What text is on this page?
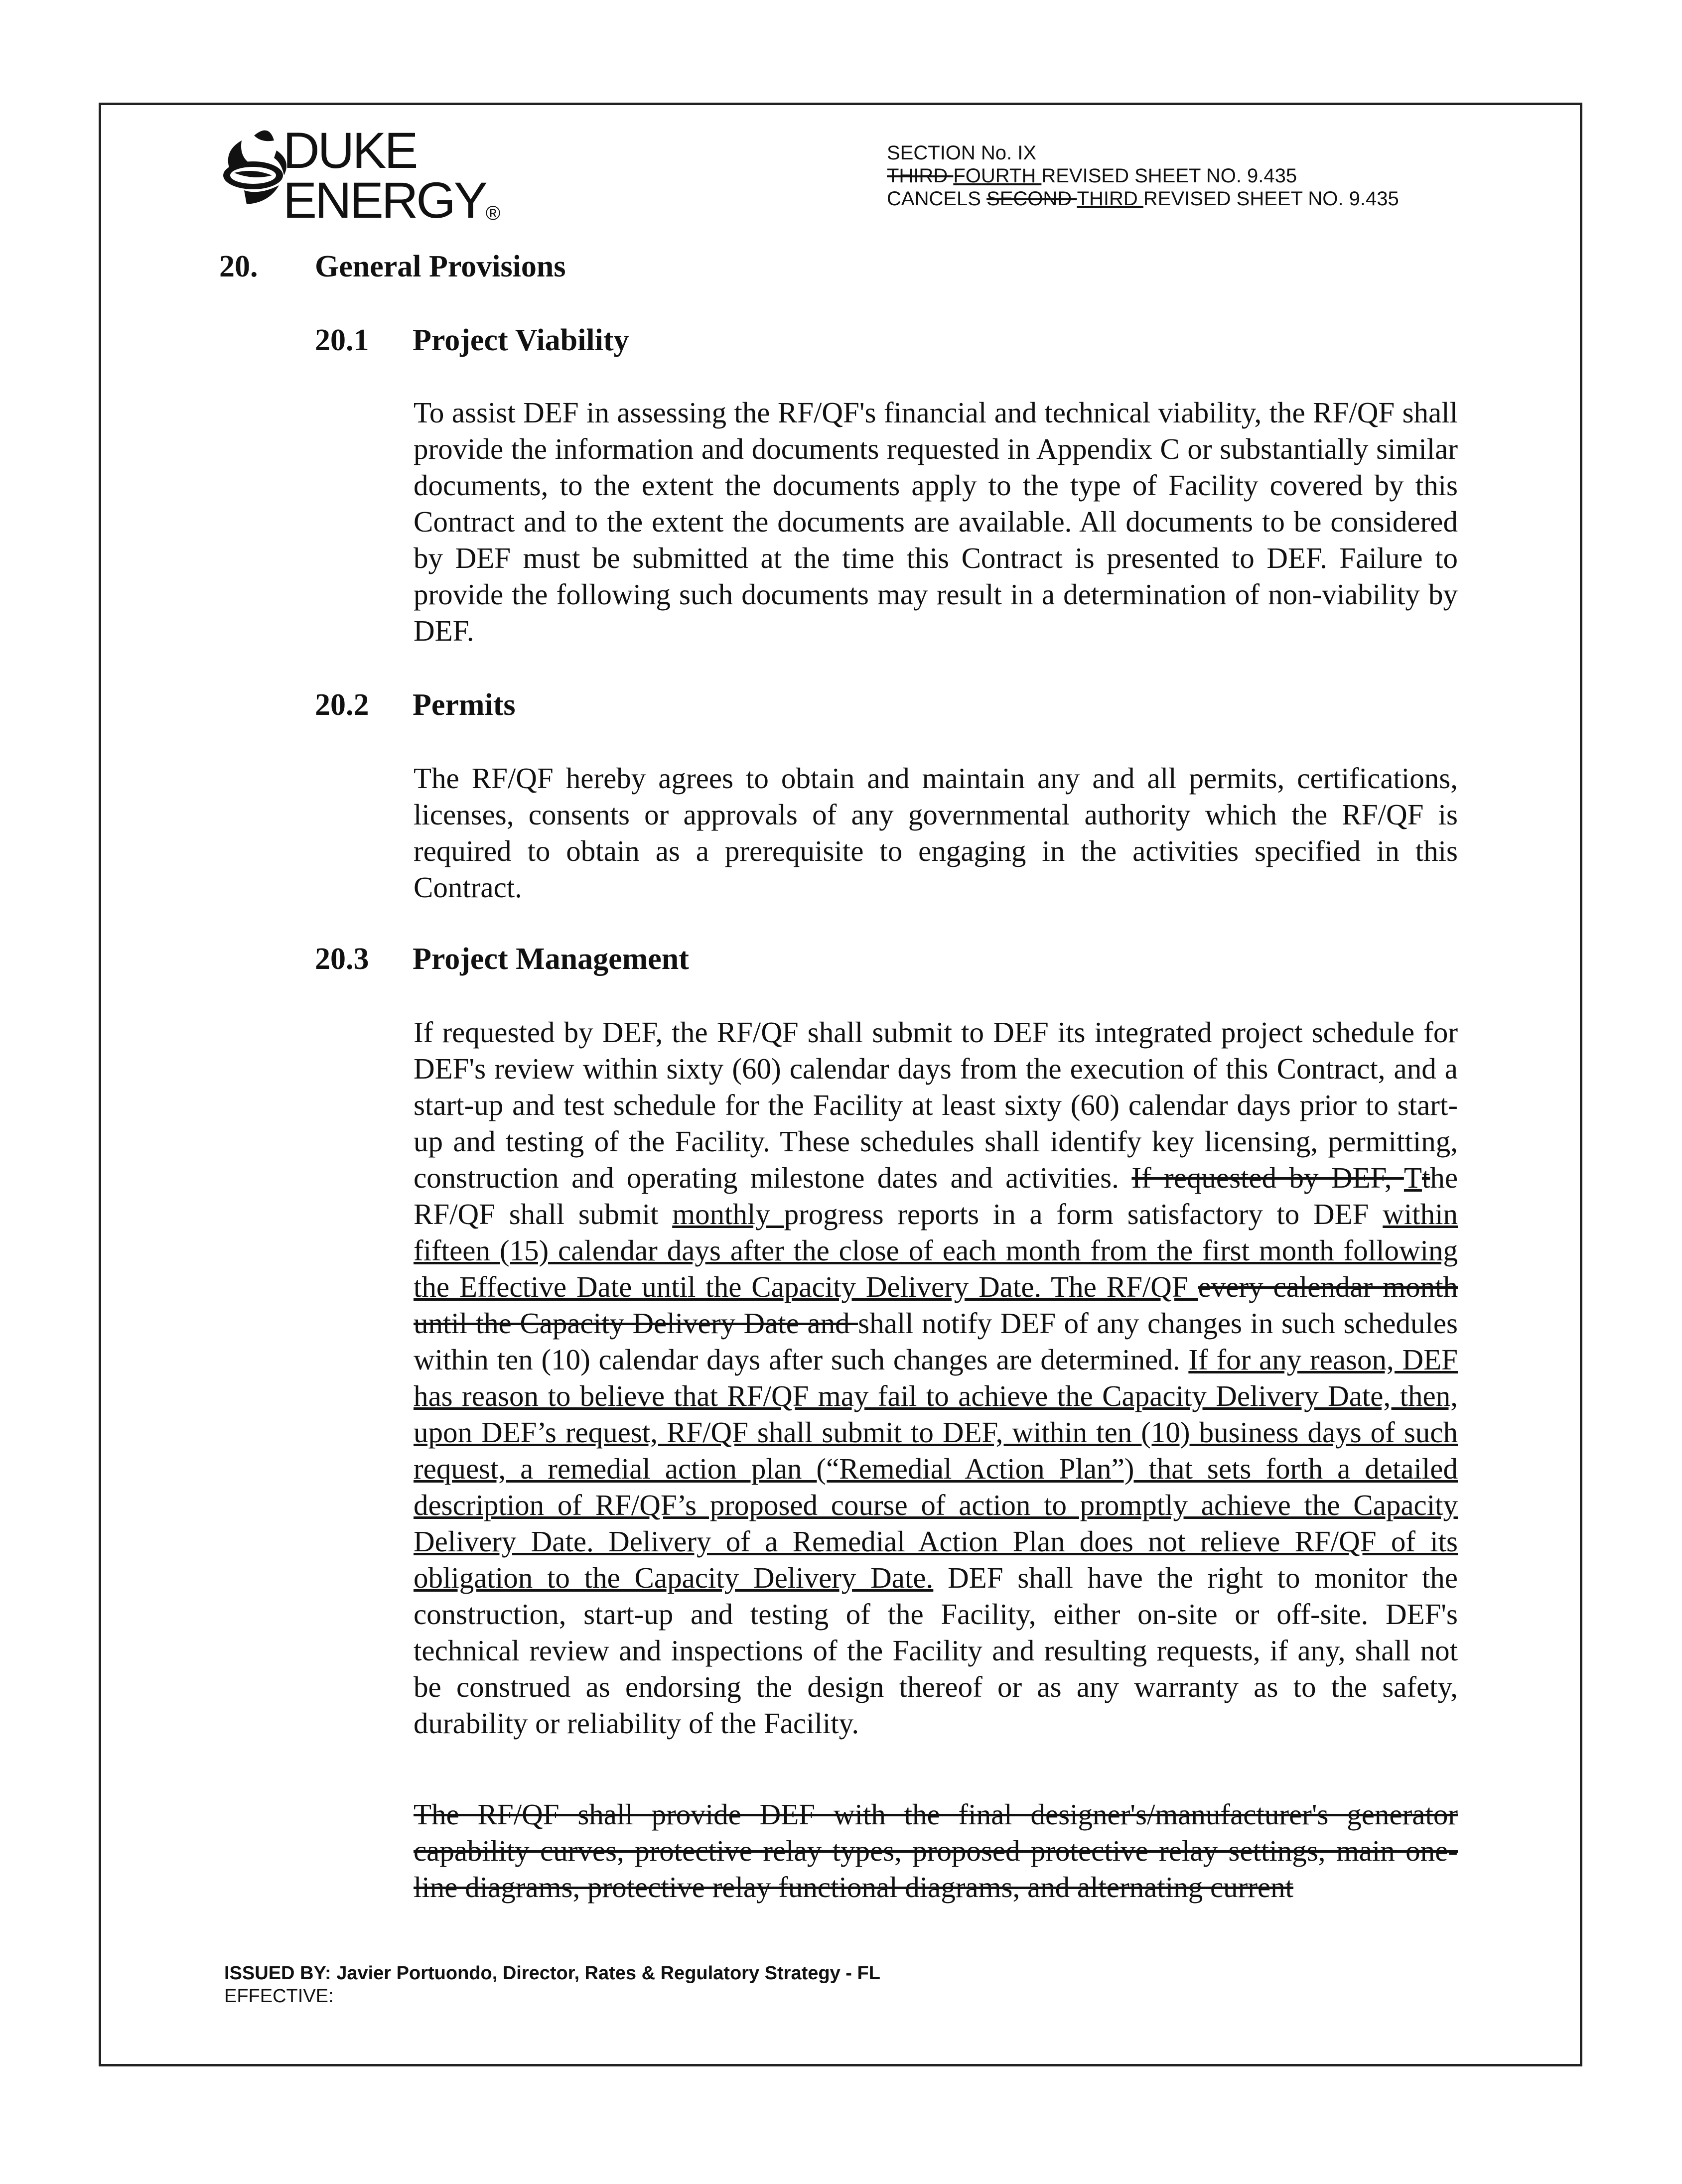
DUKE
ENERGY®
SECTION No. IX
THIRD FOURTH REVISED SHEET NO. 9.435
CANCELS SECOND THIRD REVISED SHEET NO. 9.435
20. General Provisions
20.1 Project Viability

To assist DEF in assessing the RF/QF's financial and technical viability, the RF/QF shall provide the information and documents requested in Appendix C or substantially similar documents, to the extent the documents apply to the type of Facility covered by this Contract and to the extent the documents are available. All documents to be considered by DEF must be submitted at the time this Contract is presented to DEF. Failure to provide the following such documents may result in a determination of non-viability by DEF.

20.2 Permits

The RF/QF hereby agrees to obtain and maintain any and all permits, certifications, licenses, consents or approvals of any governmental authority which the RF/QF is required to obtain as a prerequisite to engaging in the activities specified in this Contract.

20.3 Project Management

If requested by DEF, the RF/QF shall submit to DEF its integrated project schedule for DEF's review within sixty (60) calendar days from the execution of this Contract, and a start-up and test schedule for the Facility at least sixty (60) calendar days prior to start-up and testing of the Facility. These schedules shall identify key licensing, permitting, construction and operating milestone dates and activities. If requested by DEF, Tthe RF/QF shall submit monthly progress reports in a form satisfactory to DEF within fifteen (15) calendar days after the close of each month from the first month following the Effective Date until the Capacity Delivery Date. The RF/QF every calendar month until the Capacity Delivery Date and shall notify DEF of any changes in such schedules within ten (10) calendar days after such changes are determined. If for any reason, DEF has reason to believe that RF/QF may fail to achieve the Capacity Delivery Date, then, upon DEF’s request, RF/QF shall submit to DEF, within ten (10) business days of such request, a remedial action plan (“Remedial Action Plan”) that sets forth a detailed description of RF/QF’s proposed course of action to promptly achieve the Capacity Delivery Date. Delivery of a Remedial Action Plan does not relieve RF/QF of its obligation to the Capacity Delivery Date. DEF shall have the right to monitor the construction, start-up and testing of the Facility, either on-site or off-site. DEF's technical review and inspections of the Facility and resulting requests, if any, shall not be construed as endorsing the design thereof or as any warranty as to the safety, durability or reliability of the Facility.

The RF/QF shall provide DEF with the final designer's/manufacturer's generator capability curves, protective relay types, proposed protective relay settings, main one-line diagrams, protective relay functional diagrams, and alternating current

ISSUED BY: Javier Portuondo, Director, Rates & Regulatory Strategy - FL
EFFECTIVE:
